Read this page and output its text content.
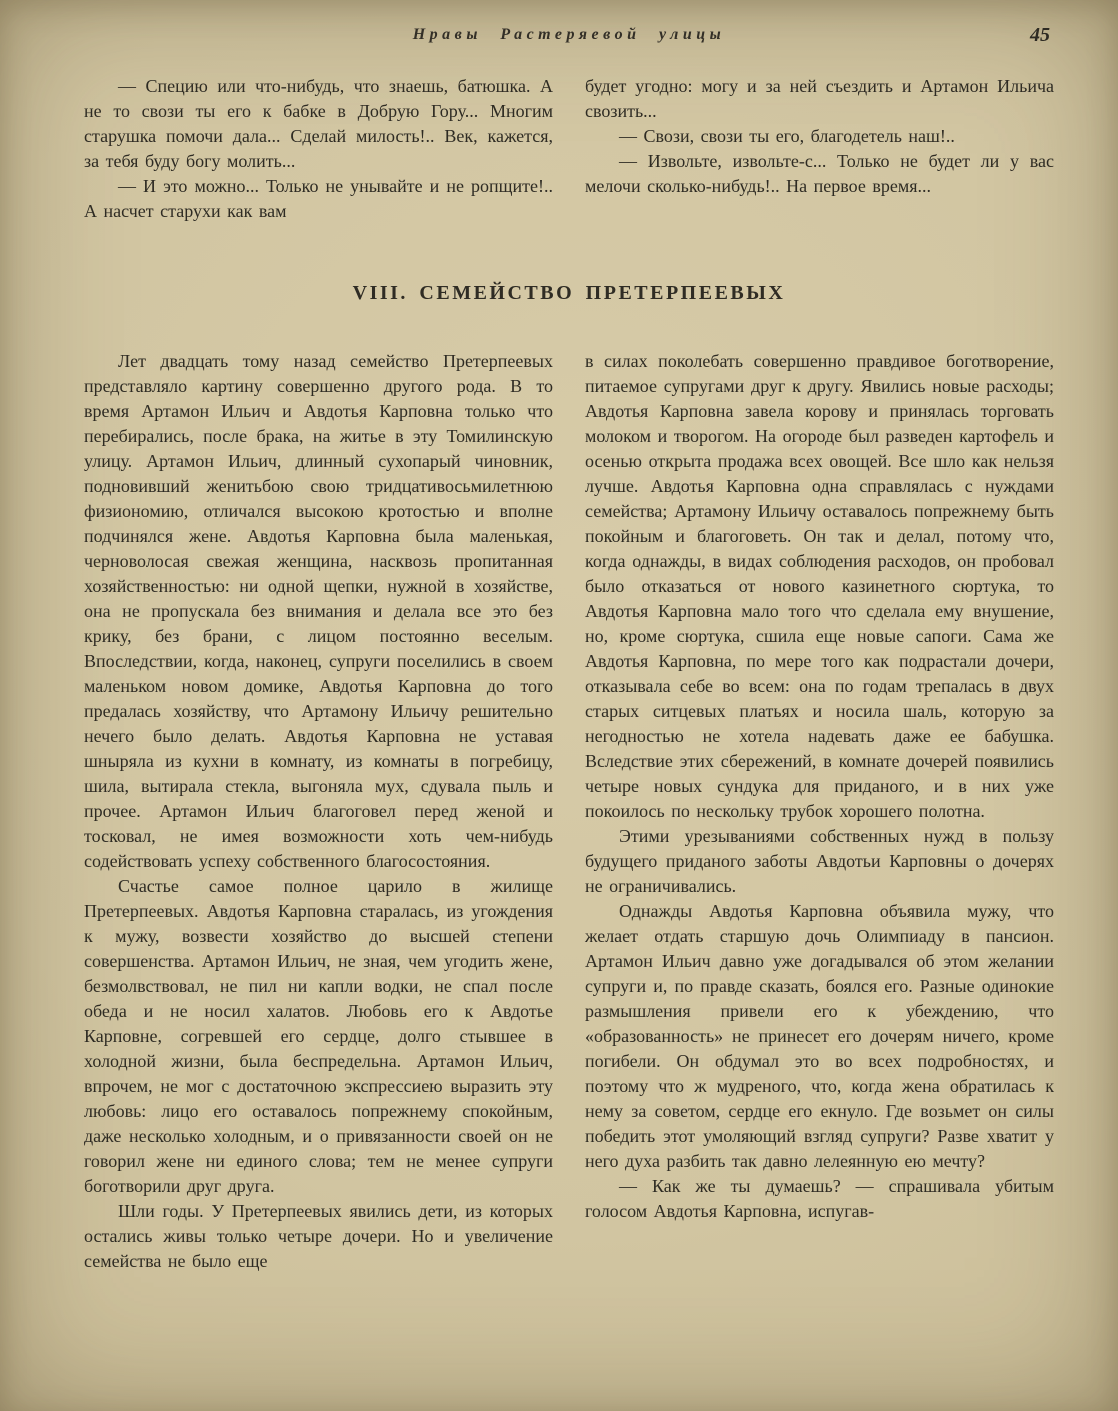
Нравы Растеряевой улицы	45

— Специю или что-нибудь, что знаешь, батюшка. А не то свози ты его к бабке в Добрую Гору... Многим старушка помочи дала... Сделай милость!.. Век, кажется, за тебя буду богу молить...

— И это можно... Только не унывайте и не ропщите!.. А насчет старухи как вам

будет угодно: могу и за ней съездить и Артамон Ильича свозить...

— Свози, свози ты его, благодетель наш!..

— Извольте, извольте-с... Только не будет ли у вас мелочи сколько-нибудь!.. На первое время...

VIII. СЕМЕЙСТВО ПРЕТЕРПЕЕВЫХ

Лет двадцать тому назад семейство Претерпеевых представляло картину совершенно другого рода. В то время Артамон Ильич и Авдотья Карповна только что перебирались, после брака, на житье в эту Томилинскую улицу. Артамон Ильич, длинный сухопарый чиновник, подновивший женитьбою свою тридцативосьмилетнюю физиономию, отличался высокою кротостью и вполне подчинялся жене. Авдотья Карповна была маленькая, черноволосая свежая женщина, насквозь пропитанная хозяйственностью: ни одной щепки, нужной в хозяйстве, она не пропускала без внимания и делала все это без крику, без брани, с лицом постоянно веселым. Впоследствии, когда, наконец, супруги поселились в своем маленьком новом домике, Авдотья Карповна до того предалась хозяйству, что Артамону Ильичу решительно нечего было делать. Авдотья Карповна не уставая шныряла из кухни в комнату, из комнаты в погребицу, шила, вытирала стекла, выгоняла мух, сдувала пыль и прочее. Артамон Ильич благоговел перед женой и тосковал, не имея возможности хоть чем-нибудь содействовать успеху собственного благосостояния.

Счастье самое полное царило в жилище Претерпеевых. Авдотья Карповна старалась, из угождения к мужу, возвести хозяйство до высшей степени совершенства. Артамон Ильич, не зная, чем угодить жене, безмолвствовал, не пил ни капли водки, не спал после обеда и не носил халатов. Любовь его к Авдотье Карповне, согревшей его сердце, долго стывшее в холодной жизни, была беспредельна. Артамон Ильич, впрочем, не мог с достаточною экспрессиею выразить эту любовь: лицо его оставалось попрежнему спокойным, даже несколько холодным, и о привязанности своей он не говорил жене ни единого слова; тем не менее супруги боготворили друг друга.

Шли годы. У Претерпеевых явились дети, из которых остались живы только четыре дочери. Но и увеличение семейства не было еще

в силах поколебать совершенно правдивое боготворение, питаемое супругами друг к другу. Явились новые расходы; Авдотья Карповна завела корову и принялась торговать молоком и творогом. На огороде был разведен картофель и осенью открыта продажа всех овощей. Все шло как нельзя лучше. Авдотья Карповна одна справлялась с нуждами семейства; Артамону Ильичу оставалось попрежнему быть покойным и благоговеть. Он так и делал, потому что, когда однажды, в видах соблюдения расходов, он пробовал было отказаться от нового казинетного сюртука, то Авдотья Карповна мало того что сделала ему внушение, но, кроме сюртука, сшила еще новые сапоги. Сама же Авдотья Карповна, по мере того как подрастали дочери, отказывала себе во всем: она по годам трепалась в двух старых ситцевых платьях и носила шаль, которую за негодностью не хотела надевать даже ее бабушка. Вследствие этих сбережений, в комнате дочерей появились четыре новых сундука для приданого, и в них уже покоилось по нескольку трубок хорошего полотна.

Этими урезываниями собственных нужд в пользу будущего приданого заботы Авдотьи Карповны о дочерях не ограничивались.

Однажды Авдотья Карповна объявила мужу, что желает отдать старшую дочь Олимпиаду в пансион. Артамон Ильич давно уже догадывался об этом желании супруги и, по правде сказать, боялся его. Разные одинокие размышления привели его к убеждению, что «образованность» не принесет его дочерям ничего, кроме погибели. Он обдумал это во всех подробностях, и поэтому что ж мудреного, что, когда жена обратилась к нему за советом, сердце его екнуло. Где возьмет он силы победить этот умоляющий взгляд супруги? Разве хватит у него духа разбить так давно лелеянную ею мечту?

— Как же ты думаешь? — спрашивала убитым голосом Авдотья Карповна, испугав-
